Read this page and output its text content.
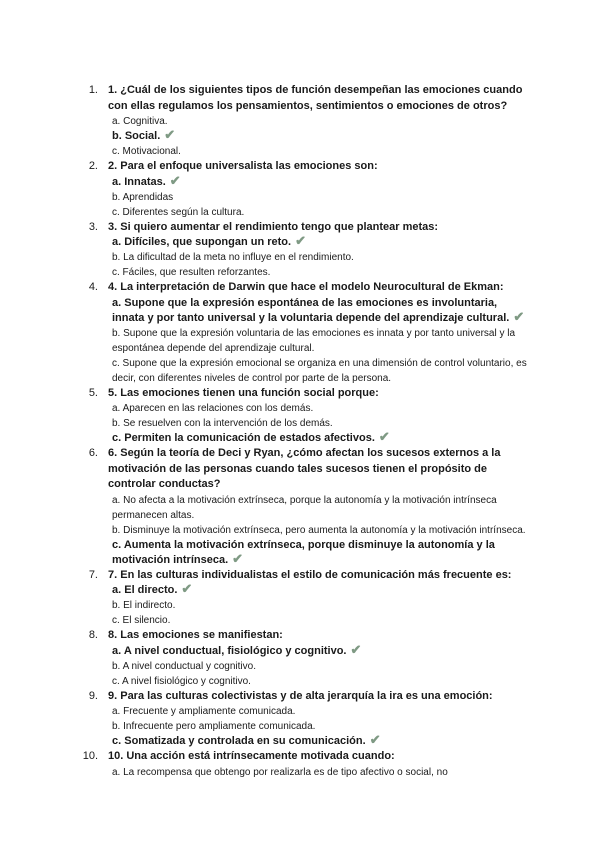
1. 1. ¿Cuál de los siguientes tipos de función desempeñan las emociones cuando con ellas regulamos los pensamientos, sentimientos o emociones de otros?

a. Cognitiva.

b. Social. ✔

c. Motivacional.

2. 2. Para el enfoque universalista las emociones son:

a. Innatas. ✔

b. Aprendidas

c. Diferentes según la cultura.

3. 3. Si quiero aumentar el rendimiento tengo que plantear metas:

a. Difíciles, que supongan un reto. ✔

b. La dificultad de la meta no influye en el rendimiento.

c. Fáciles, que resulten reforzantes.

4. 4. La interpretación de Darwin que hace el modelo Neurocultural de Ekman:

a. Supone que la expresión espontánea de las emociones es involuntaria, innata y por tanto universal y la voluntaria depende del aprendizaje cultural. ✔

b. Supone que la expresión voluntaria de las emociones es innata y por tanto universal y la espontánea depende del aprendizaje cultural.

c. Supone que la expresión emocional se organiza en una dimensión de control voluntario, es decir, con diferentes niveles de control por parte de la persona.

5. 5. Las emociones tienen una función social porque:

a. Aparecen en las relaciones con los demás.

b. Se resuelven con la intervención de los demás.

c. Permiten la comunicación de estados afectivos. ✔

6. 6. Según la teoría de Deci y Ryan, ¿cómo afectan los sucesos externos a la motivación de las personas cuando tales sucesos tienen el propósito de controlar conductas?

a. No afecta a la motivación extrínseca, porque la autonomía y la motivación intrínseca permanecen altas.

b. Disminuye la motivación extrínseca, pero aumenta la autonomía y la motivación intrínseca.

c. Aumenta la motivación extrínseca, porque disminuye la autonomía y la motivación intrínseca. ✔

7. 7. En las culturas individualistas el estilo de comunicación más frecuente es:

a. El directo. ✔

b. El indirecto.

c. El silencio.

8. 8. Las emociones se manifiestan:

a. A nivel conductual, fisiológico y cognitivo. ✔

b. A nivel conductual y cognitivo.

c. A nivel fisiológico y cognitivo.

9. 9. Para las culturas colectivistas y de alta jerarquía la ira es una emoción:

a. Frecuente y ampliamente comunicada.

b. Infrecuente pero ampliamente comunicada.

c. Somatizada y controlada en su comunicación. ✔

10. 10. Una acción está intrínsecamente motivada cuando:

a. La recompensa que obtengo por realizarla es de tipo afectivo o social, no
